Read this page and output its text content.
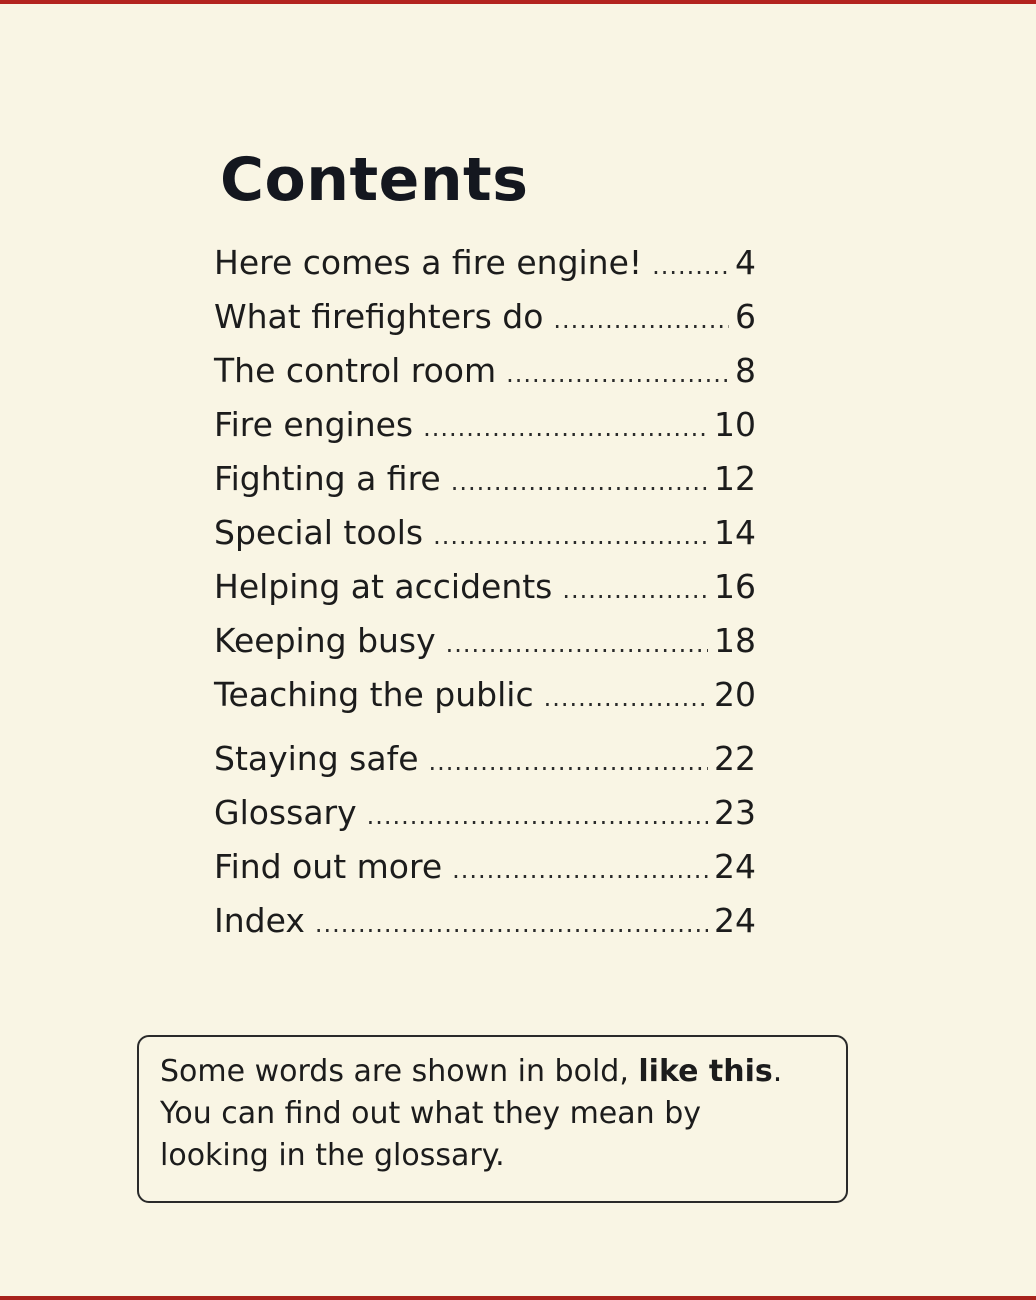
Contents
Here comes a fire engine! .....	4
What firefighters do .....	6
The control room .....	8
Fire engines .....	10
Fighting a fire .....	12
Special tools .....	14
Helping at accidents .....	16
Keeping busy .....	18
Teaching the public .....	20
Staying safe .....	22
Glossary .....	23
Find out more .....	24
Index .....	24

Some words are shown in bold, like this.

You can find out what they mean by

looking in the glossary.
